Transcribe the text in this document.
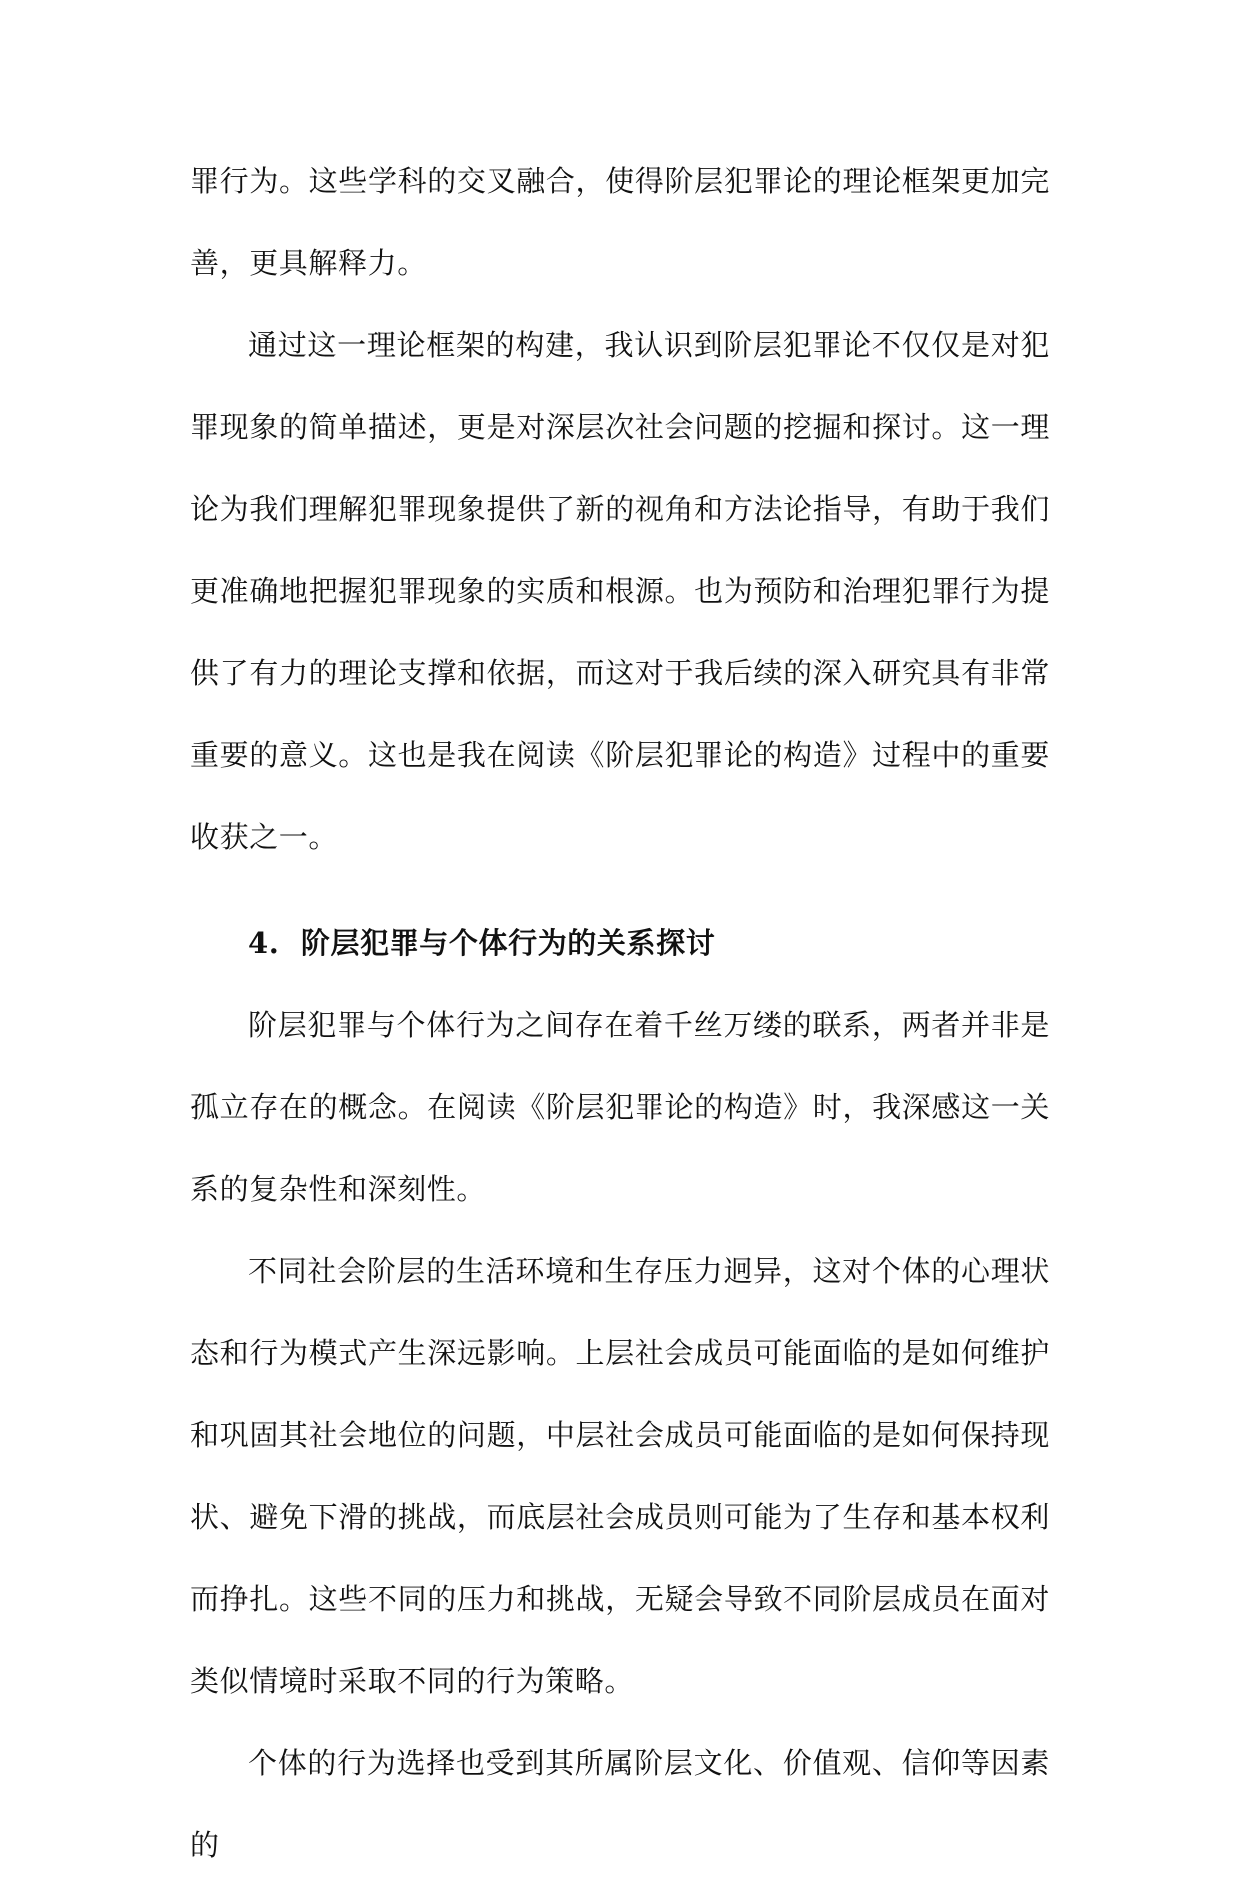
罪行为。这些学科的交叉融合，使得阶层犯罪论的理论框架更加完善，更具解释力。

通过这一理论框架的构建，我认识到阶层犯罪论不仅仅是对犯罪现象的简单描述，更是对深层次社会问题的挖掘和探讨。这一理论为我们理解犯罪现象提供了新的视角和方法论指导，有助于我们更准确地把握犯罪现象的实质和根源。也为预防和治理犯罪行为提供了有力的理论支撑和依据，而这对于我后续的深入研究具有非常重要的意义。这也是我在阅读《阶层犯罪论的构造》过程中的重要收获之一。

4. 阶层犯罪与个体行为的关系探讨

阶层犯罪与个体行为之间存在着千丝万缕的联系，两者并非是孤立存在的概念。在阅读《阶层犯罪论的构造》时，我深感这一关系的复杂性和深刻性。

不同社会阶层的生活环境和生存压力迥异，这对个体的心理状态和行为模式产生深远影响。上层社会成员可能面临的是如何维护和巩固其社会地位的问题，中层社会成员可能面临的是如何保持现状、避免下滑的挑战，而底层社会成员则可能为了生存和基本权利而挣扎。这些不同的压力和挑战，无疑会导致不同阶层成员在面对类似情境时采取不同的行为策略。

个体的行为选择也受到其所属阶层文化、价值观、信仰等因素的
